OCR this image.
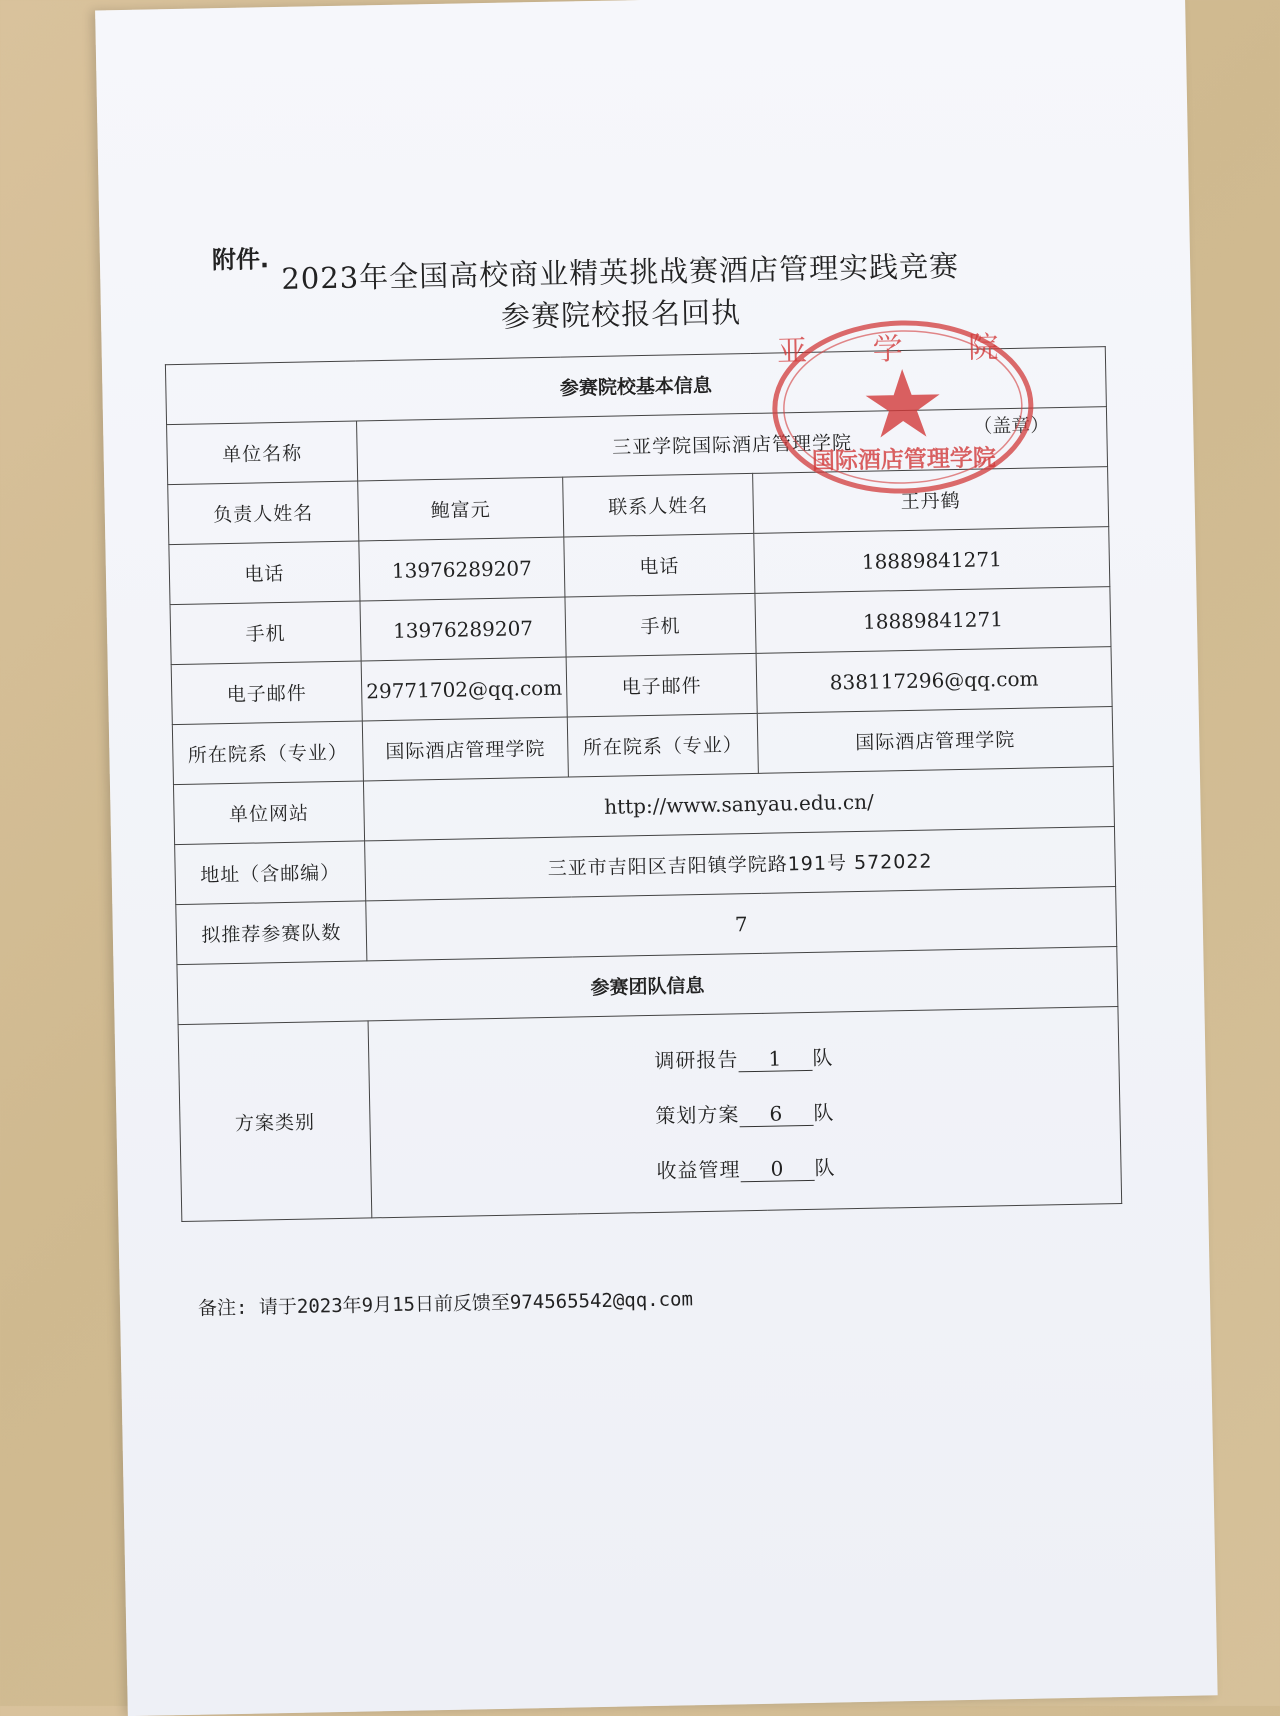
附件. 2023年全国高校商业精英挑战赛酒店管理实践竞赛
参赛院校报名回执
参赛院校基本信息			
单位名称	三亚学院国际酒店管理学院		
负责人姓名	鲍富元	联系人姓名	王丹鹤
电话	13976289207	电话	18889841271
手机	13976289207	手机	18889841271
电子邮件	29771702@qq.com	电子邮件	838117296@qq.com
所在院系（专业）	国际酒店管理学院	所在院系（专业）	国际酒店管理学院
单位网站	http://www.sanyau.edu.cn/		
地址（含邮编）	三亚市吉阳区吉阳镇学院路191号 572022		
拟推荐参赛队数	7		
参赛团队信息			
方案类别	调研报告 1 队
策划方案 6 队
收益管理 0 队		
（盖章）
亚 学 院
国际酒店管理学院
备注: 请于2023年9月15日前反馈至974565542@qq.com
